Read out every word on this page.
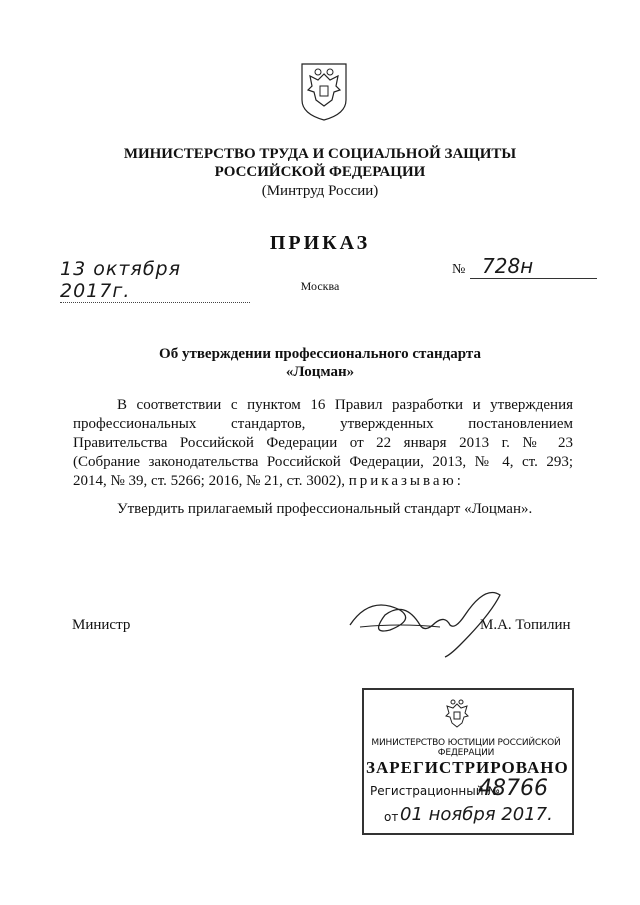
МИНИСТЕРСТВО ТРУДА И СОЦИАЛЬНОЙ ЗАЩИТЫ
РОССИЙСКОЙ ФЕДЕРАЦИИ
(Минтруд России)
ПРИКАЗ
13 октября 2017г.
№ 728н
Москва
Об утверждении профессионального стандарта
«Лоцман»
В соответствии с пунктом 16 Правил разработки и утверждения
профессиональных стандартов, утвержденных постановлением
Правительства Российской Федерации от 22 января 2013 г. № 23
(Собрание законодательства Российской Федерации, 2013, № 4, ст. 293;
2014, № 39, ст. 5266; 2016, № 21, ст. 3002), приказываю:
Утвердить прилагаемый профессиональный стандарт «Лоцман».
Министр	М.А. Топилин
МИНИСТЕРСТВО ЮСТИЦИИ РОССИЙСКОЙ ФЕДЕРАЦИИ
ЗАРЕГИСТРИРОВАНО
Регистрационный №
48766
от 01 ноября 2017.
